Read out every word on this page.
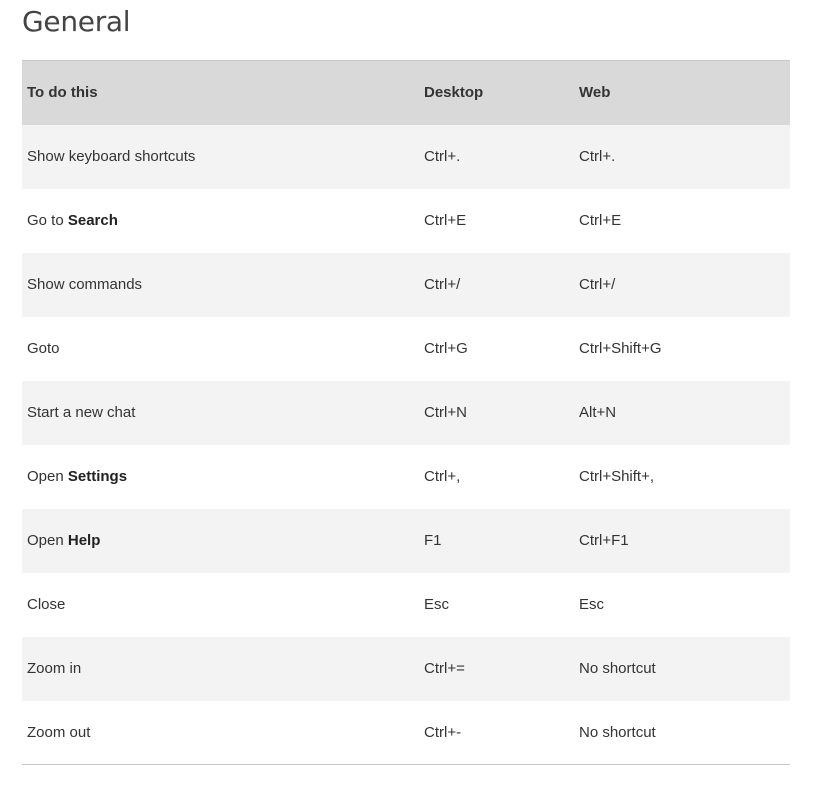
General
To do this	Desktop	Web
Show keyboard shortcuts	Ctrl+.	Ctrl+.
Go to Search	Ctrl+E	Ctrl+E
Show commands	Ctrl+/	Ctrl+/
Goto	Ctrl+G	Ctrl+Shift+G
Start a new chat	Ctrl+N	Alt+N
Open Settings	Ctrl+,	Ctrl+Shift+,
Open Help	F1	Ctrl+F1
Close	Esc	Esc
Zoom in	Ctrl+=	No shortcut
Zoom out	Ctrl+-	No shortcut
